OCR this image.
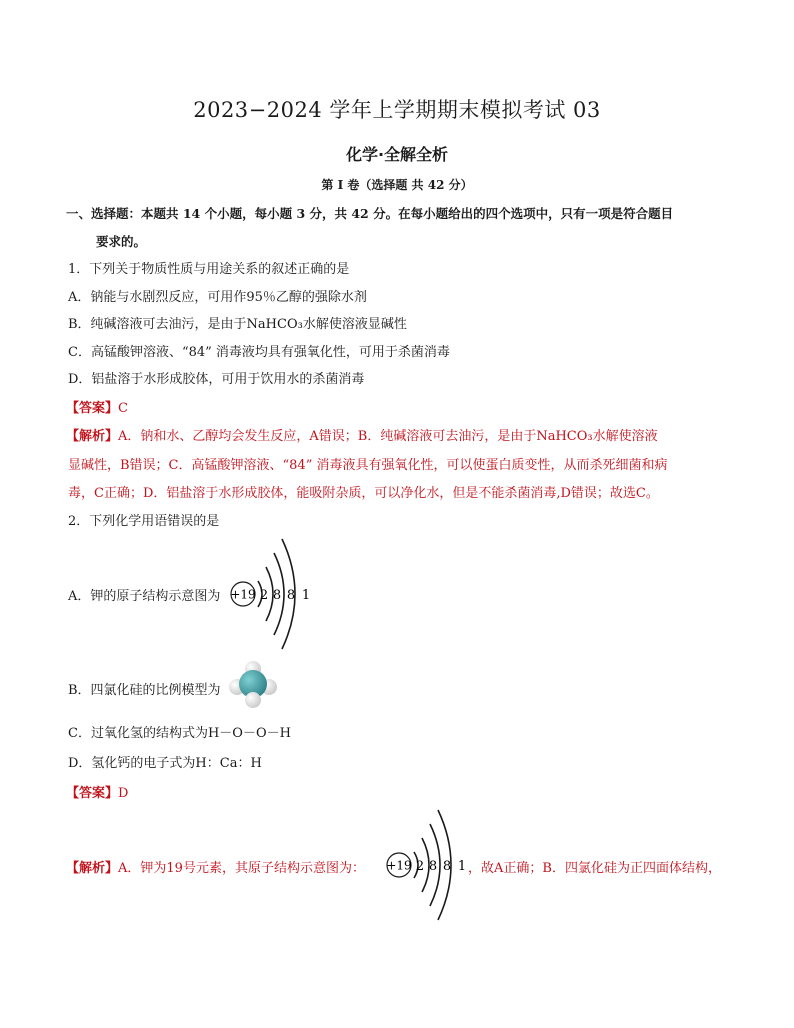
2023−2024 学年上学期期末模拟考试 03
化学·全解全析
第 I 卷（选择题 共 42 分）
一、选择题：本题共 14 个小题，每小题 3 分，共 42 分。在每小题给出的四个选项中，只有一项是符合题目
要求的。
1．下列关于物质性质与用途关系的叙述正确的是
A．钠能与水剧烈反应，可用作95％乙醇的强除水剂
B．纯碱溶液可去油污，是由于NaHCO₃水解使溶液显碱性
C．高锰酸钾溶液、“84” 消毒液均具有强氧化性，可用于杀菌消毒
D．铝盐溶于水形成胶体，可用于饮用水的杀菌消毒
【答案】C
【解析】A．钠和水、乙醇均会发生反应，A错误；B．纯碱溶液可去油污，是由于NaHCO₃水解使溶液
显碱性，B错误；C．高锰酸钾溶液、“84” 消毒液具有强氧化性，可以使蛋白质变性，从而杀死细菌和病
毒，C正确；D．铝盐溶于水形成胶体，能吸附杂质，可以净化水，但是不能杀菌消毒,D错误；故选C。
2．下列化学用语错误的是
A．钾的原子结构示意图为 +19 2 8 8 1
B．四氯化硅的比例模型为
C．过氧化氢的结构式为H－O－O－H
D．氢化钙的电子式为H：Ca：H
【答案】D
【解析】A．钾为19号元素，其原子结构示意图为： +19 2 8 8 1 ，故A正确；B．四氯化硅为正四面体结构，
